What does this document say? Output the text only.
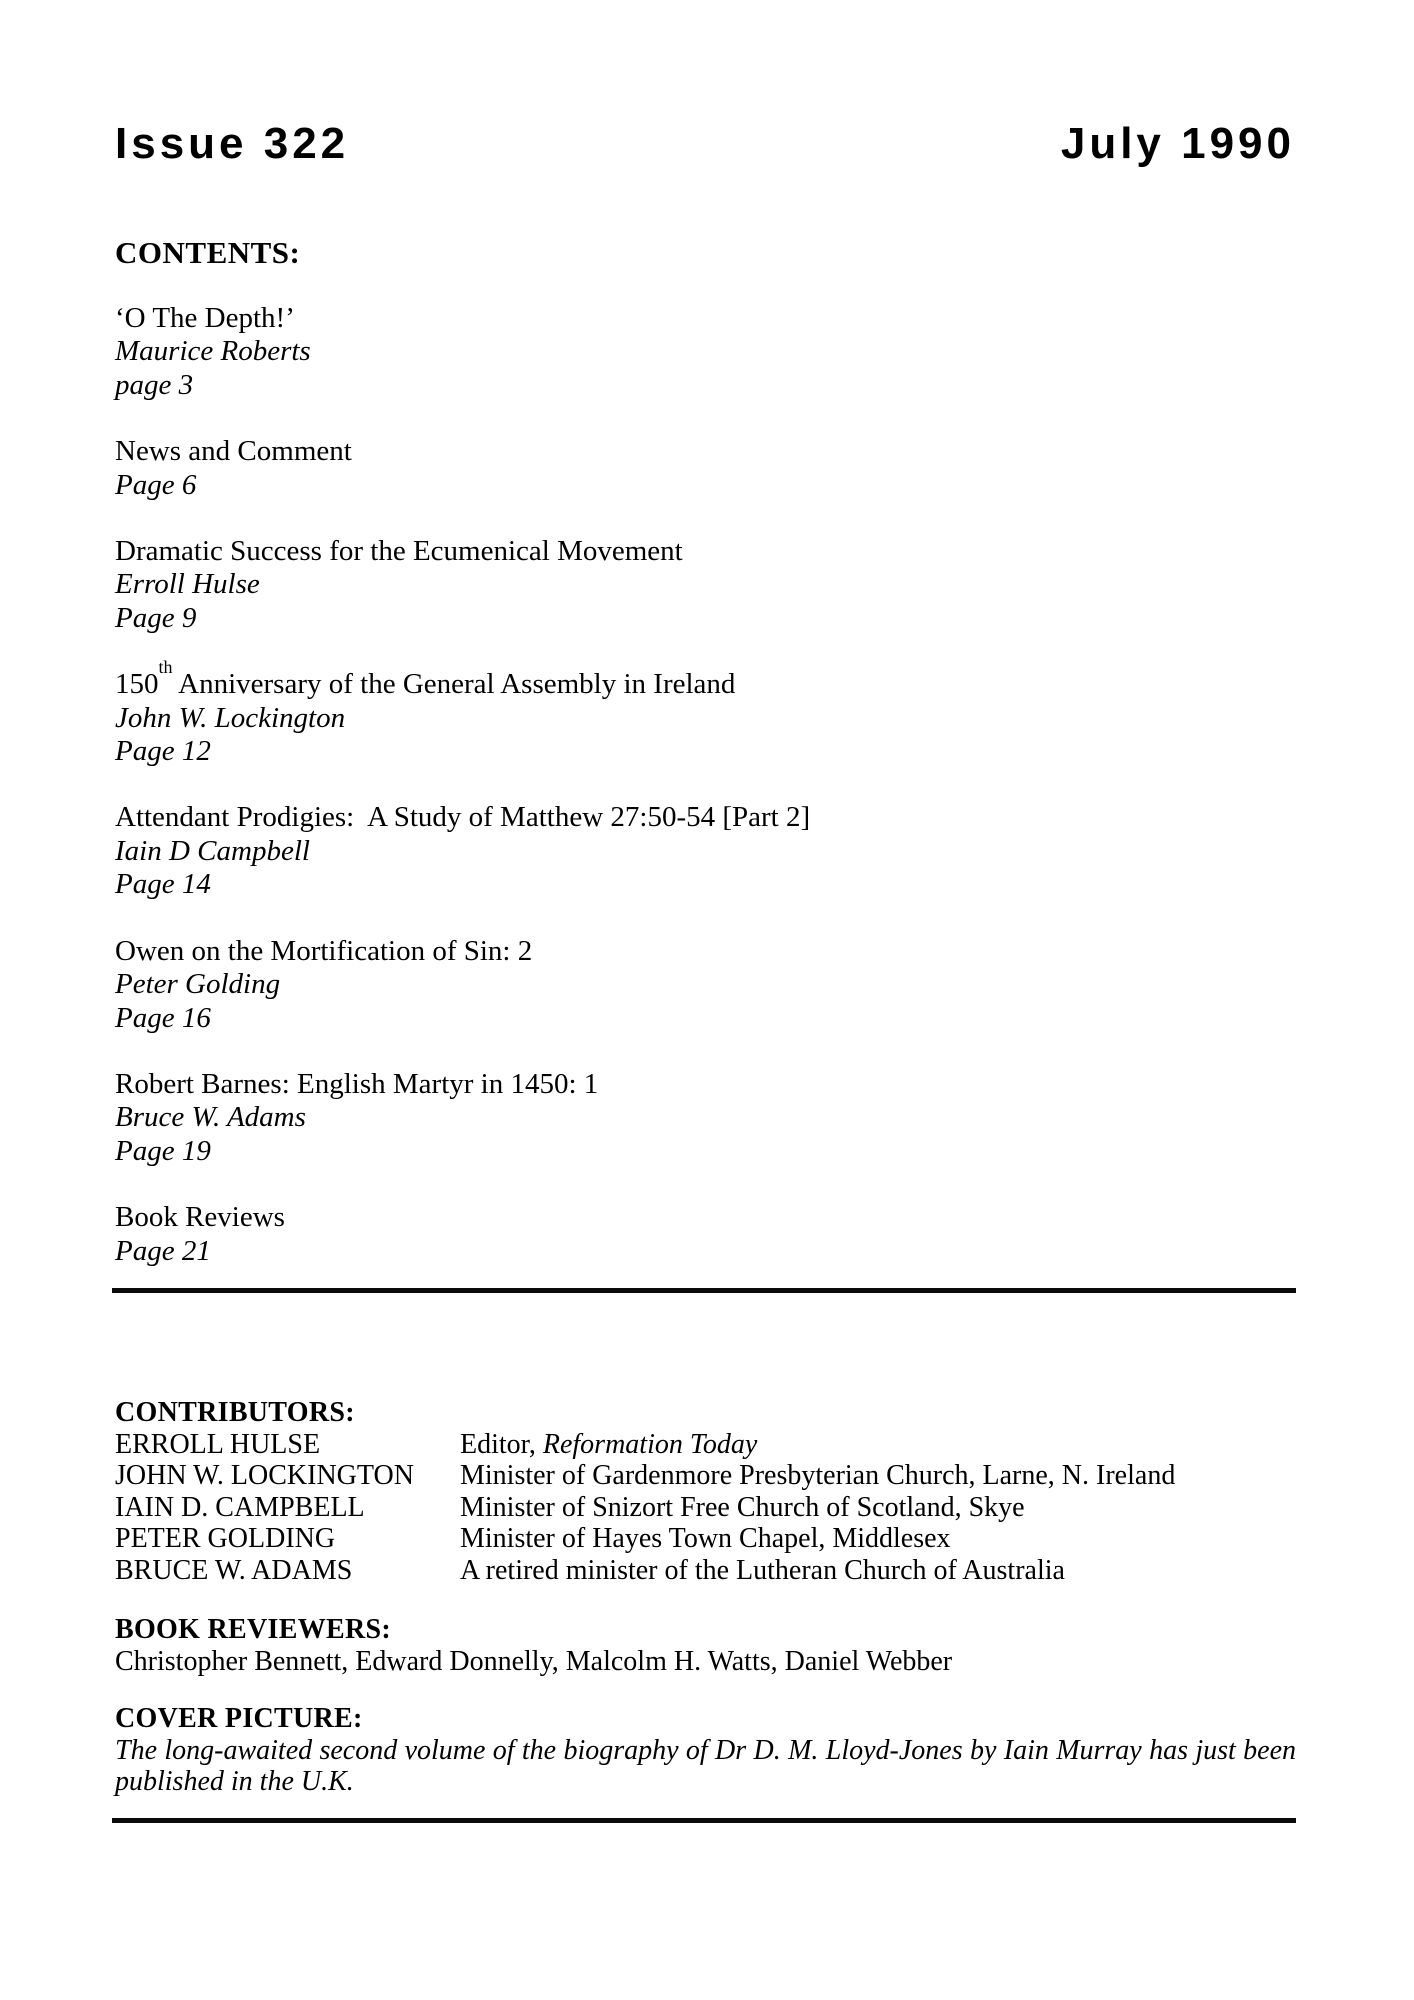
Issue 322	July 1990
CONTENTS:
‘O The Depth!’
Maurice Roberts
page 3
News and Comment
Page 6
Dramatic Success for the Ecumenical Movement
Erroll Hulse
Page 9
150th Anniversary of the General Assembly in Ireland
John W. Lockington
Page 12
Attendant Prodigies:  A Study of Matthew 27:50-54 [Part 2]
Iain D Campbell
Page 14
Owen on the Mortification of Sin: 2
Peter Golding
Page 16
Robert Barnes: English Martyr in 1450: 1
Bruce W. Adams
Page 19
Book Reviews
Page 21
CONTRIBUTORS:
ERROLL HULSE	Editor, Reformation Today
JOHN W. LOCKINGTON	Minister of Gardenmore Presbyterian Church, Larne, N. Ireland
IAIN D. CAMPBELL	Minister of Snizort Free Church of Scotland, Skye
PETER GOLDING	Minister of Hayes Town Chapel, Middlesex
BRUCE W. ADAMS	A retired minister of the Lutheran Church of Australia
BOOK REVIEWERS:
Christopher Bennett, Edward Donnelly, Malcolm H. Watts, Daniel Webber
COVER PICTURE:
The long-awaited second volume of the biography of Dr D. M. Lloyd-Jones by Iain Murray has just been published in the U.K.
